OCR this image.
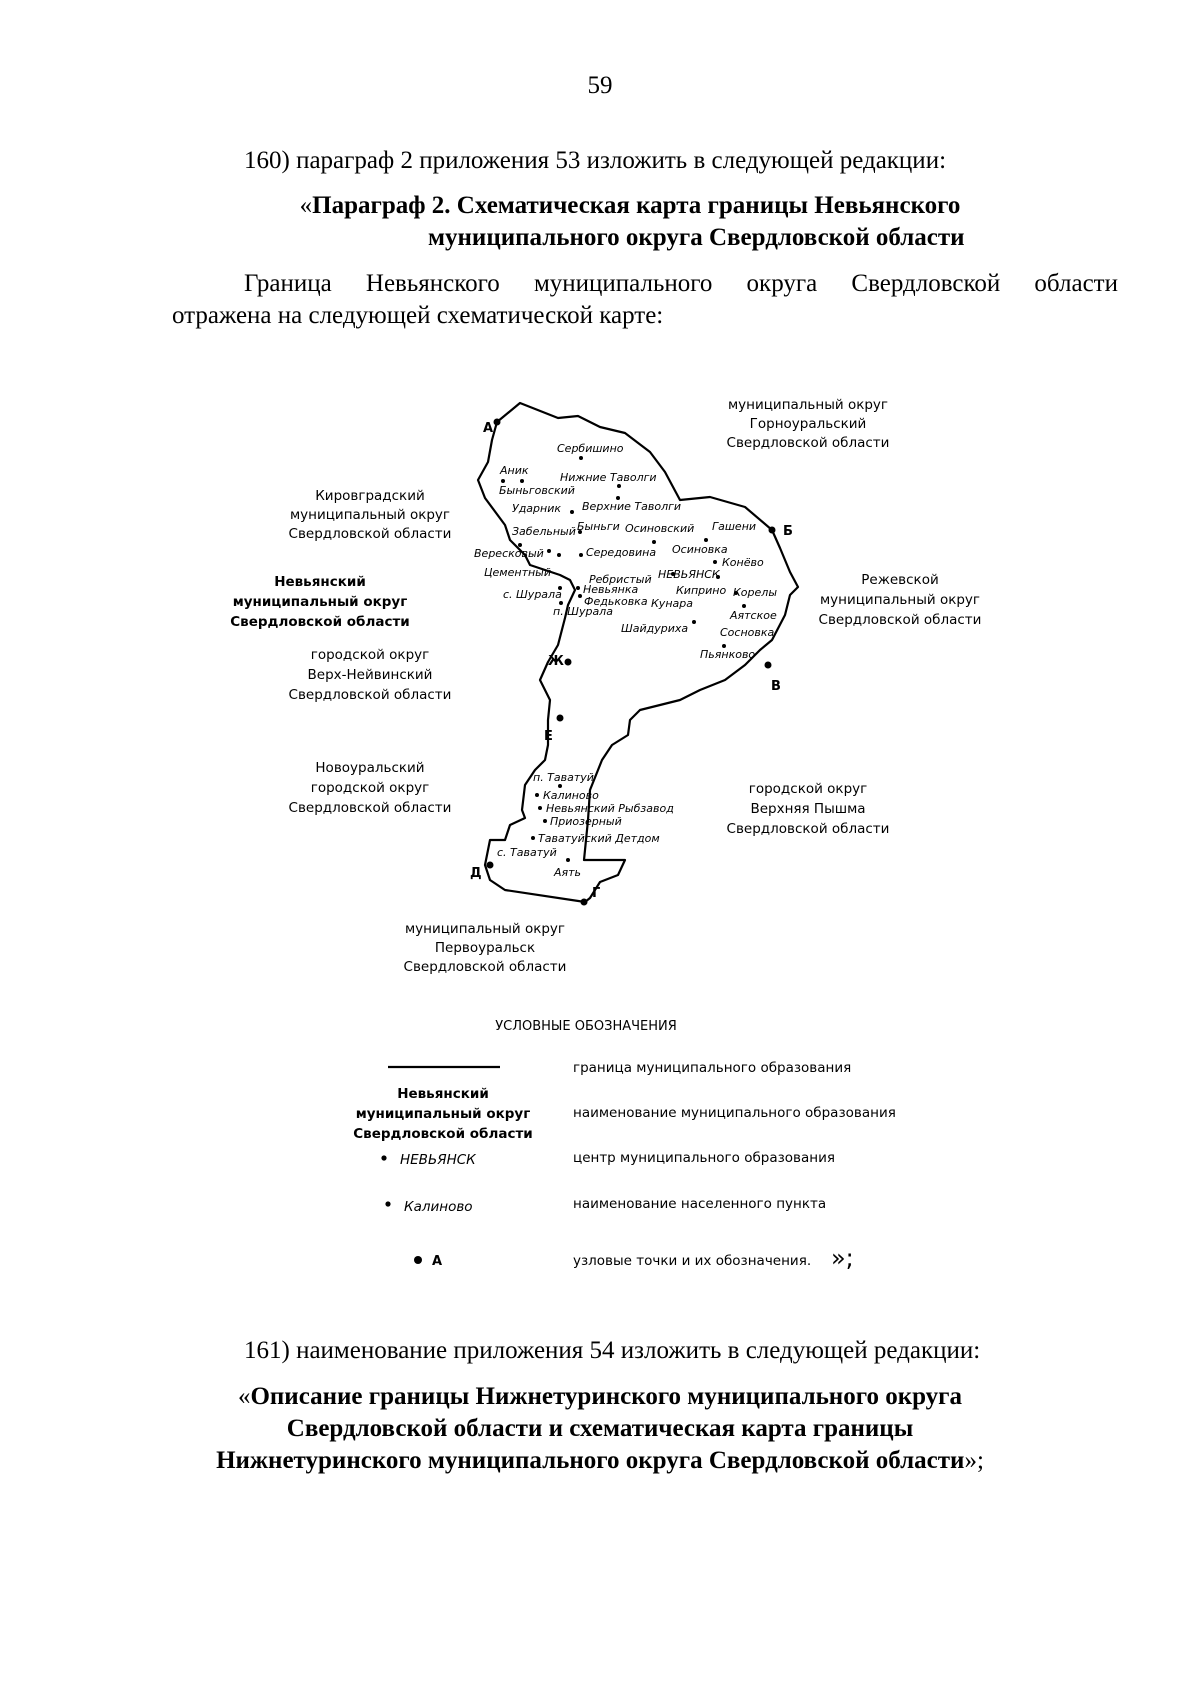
59
160) параграф 2 приложения 53 изложить в следующей редакции:
«Параграф 2. Схематическая карта границы Невьянского
муниципального округа Свердловской области
Граница Невьянского муниципального округа Свердловской области
отражена на следующей схематической карте:
А
Б
В
Г
Д
Е
Ж
муниципальный округ
Горноуральский
Свердловской области
Кировградский
муниципальный округ
Свердловской области
Невьянский
муниципальный округ
Свердловской области
Режевской
муниципальный округ
Свердловской области
городской округ
Верх-Нейвинский
Свердловской области
Новоуральский
городской округ
Свердловской области
городской округ
Верхняя Пышма
Свердловской области
муниципальный округ
Первоуральск
Свердловской области
Сербишино
Аник
Нижние Таволги
Быньговский
Ударник Верхние Таволги
Забельный Быньги Осиновский Гашени
Вересковый	Середовина Осиновка
Конёво
Цементный
Ребристый НЕВЬЯНСК
Киприно Корелы
с. Шурала Невьянка
Федьковка Кунара
Аятское
п. Шурала
Шайдуриха	Сосновка
Пьянково
п. Таватуй
Калиново
Невьянский Рыбзавод
Приозерный
Таватуйский Детдом
с. Таватуй
Аять
УСЛОВНЫЕ ОБОЗНАЧЕНИЯ
граница муниципального образования
Невьянский
муниципальный округ
Свердловской области
наименование муниципального образования
НЕВЬЯНСК	центр муниципального образования
Калиново	наименование населенного пункта
А	узловые точки и их обозначения. »;
161) наименование приложения 54 изложить в следующей редакции:
«Описание границы Нижнетуринского муниципального округа
Свердловской области и схематическая карта границы
Нижнетуринского муниципального округа Свердловской области»;
